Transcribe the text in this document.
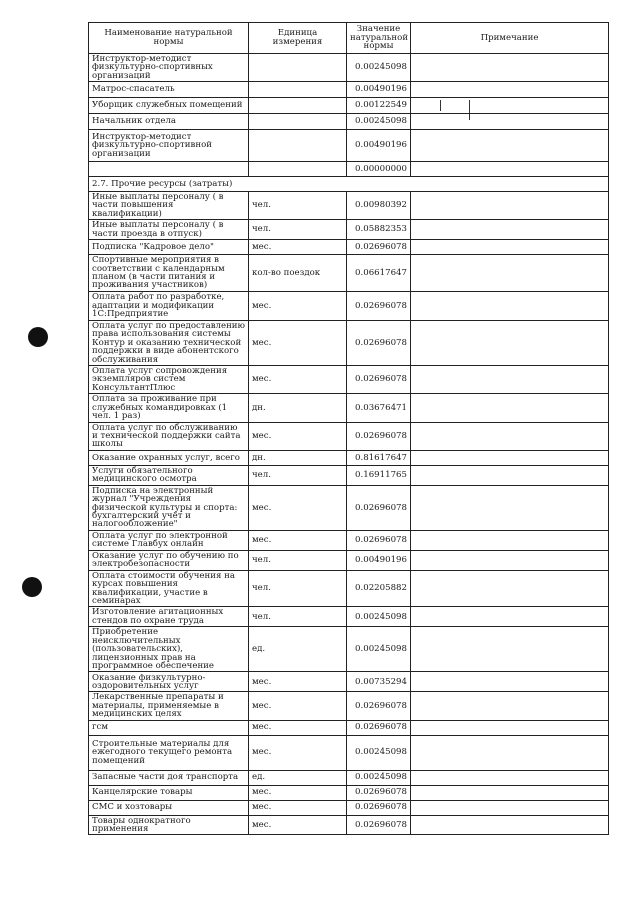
Наименование натуральной нормы	Единица измерения	Значение натуральной нормы	Примечание
Инструктор-методист физкультурно-спортивных организаций		0.00245098	
Матрос-спасатель		0.00490196	
Уборщик служебных помещений		0.00122549	
Начальник отдела		0.00245098	
Инструктор-методист физкультурно-спортивной организации		0.00490196	
		0.00000000	
2.7. Прочие ресурсы (затраты)			
Иные выплаты персоналу ( в части повышения квалификации)	чел.	0.00980392	
Иные выплаты персоналу ( в части проезда в отпуск)	чел.	0.05882353	
Подписка "Кадровое дело"	мес.	0.02696078	
Спортивные мероприятия в соответствии с календарным планом (в части питания и проживания участников)	кол-во поездок	0.06617647	
Оплата работ по разработке, адаптации и модификации 1С:Предприятие	мес.	0.02696078	
Оплата услуг по предоставлению права использования системы Контур и оказанию технической поддержки в виде абонентского обслуживания	мес.	0.02696078	
Оплата услуг сопровождения экземпляров систем КонсультантПлюс	мес.	0.02696078	
Оплата за проживание при служебных командировках (1 чел. 1 раз)	дн.	0.03676471	
Оплата услуг по обслуживанию и технической поддержки сайта школы	мес.	0.02696078	
Оказание охранных услуг, всего	дн.	0.81617647	
Услуги обязательного медицинского осмотра	чел.	0.16911765	
Подписка на электронный журнал "Учреждения физической культуры и спорта: бухгалтерский учёт и налогообложение"	мес.	0.02696078	
Оплата услуг по электронной системе Главбух онлайн	мес.	0.02696078	
Оказание услуг по обучению по электробезопасности	чел.	0.00490196	
Оплата стоимости обучения на курсах повышения квалификации, участие в семинарах	чел.	0.02205882	
Изготовление агитационных стендов по охране труда	чел.	0.00245098	
Приобретение неисключительных (пользовательских), лицензионных прав на программное обеспечение	ед.	0.00245098	
Оказание физкультурно-оздоровительных услуг	мес.	0.00735294	
Лекарственные препараты и материалы, применяемые в медицинских целях	мес.	0.02696078	
гсм	мес.	0.02696078	
Строительные материалы для ежегодного текущего ремонта помещений	мес.	0.00245098	
Запасные части доя транспорта	ед.	0.00245098	
Канцелярские товары	мес.	0.02696078	
СМС и хозтовары	мес.	0.02696078	
Товары однократного применения	мес.	0.02696078	
